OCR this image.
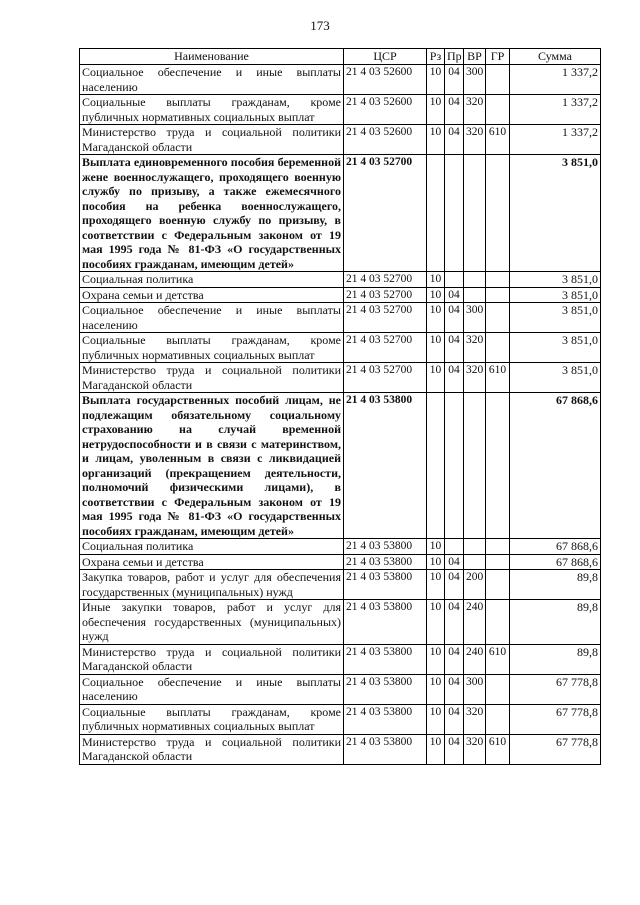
173
Наименование	ЦСР	Рз	Пр	ВР	ГР	Сумма
Социальное обеспечение и иные выплаты населению	21 4 03 52600	10	04	300		1 337,2
Социальные выплаты гражданам, кроме публичных нормативных социальных выплат	21 4 03 52600	10	04	320		1 337,2
Министерство труда и социальной политики Магаданской области	21 4 03 52600	10	04	320	610	1 337,2
Выплата единовременного пособия беременной жене военнослужащего, проходящего военную службу по призыву, а также ежемесячного пособия на ребенка военнослужащего, проходящего военную службу по призыву, в соответствии с Федеральным законом от 19 мая 1995 года № 81-ФЗ «О государственных пособиях гражданам, имеющим детей»	21 4 03 52700					3 851,0
Социальная политика	21 4 03 52700	10				3 851,0
Охрана семьи и детства	21 4 03 52700	10	04			3 851,0
Социальное обеспечение и иные выплаты населению	21 4 03 52700	10	04	300		3 851,0
Социальные выплаты гражданам, кроме публичных нормативных социальных выплат	21 4 03 52700	10	04	320		3 851,0
Министерство труда и социальной политики Магаданской области	21 4 03 52700	10	04	320	610	3 851,0
Выплата государственных пособий лицам, не подлежащим обязательному социальному страхованию на случай временной нетрудоспособности и в связи с материнством, и лицам, уволенным в связи с ликвидацией организаций (прекращением деятельности, полномочий физическими лицами), в соответствии с Федеральным законом от 19 мая 1995 года № 81-ФЗ «О государственных пособиях гражданам, имеющим детей»	21 4 03 53800					67 868,6
Социальная политика	21 4 03 53800	10				67 868,6
Охрана семьи и детства	21 4 03 53800	10	04			67 868,6
Закупка товаров, работ и услуг для обеспечения государственных (муниципальных) нужд	21 4 03 53800	10	04	200		89,8
Иные закупки товаров, работ и услуг для обеспечения государственных (муниципальных) нужд	21 4 03 53800	10	04	240		89,8
Министерство труда и социальной политики Магаданской области	21 4 03 53800	10	04	240	610	89,8
Социальное обеспечение и иные выплаты населению	21 4 03 53800	10	04	300		67 778,8
Социальные выплаты гражданам, кроме публичных нормативных социальных выплат	21 4 03 53800	10	04	320		67 778,8
Министерство труда и социальной политики Магаданской области	21 4 03 53800	10	04	320	610	67 778,8
